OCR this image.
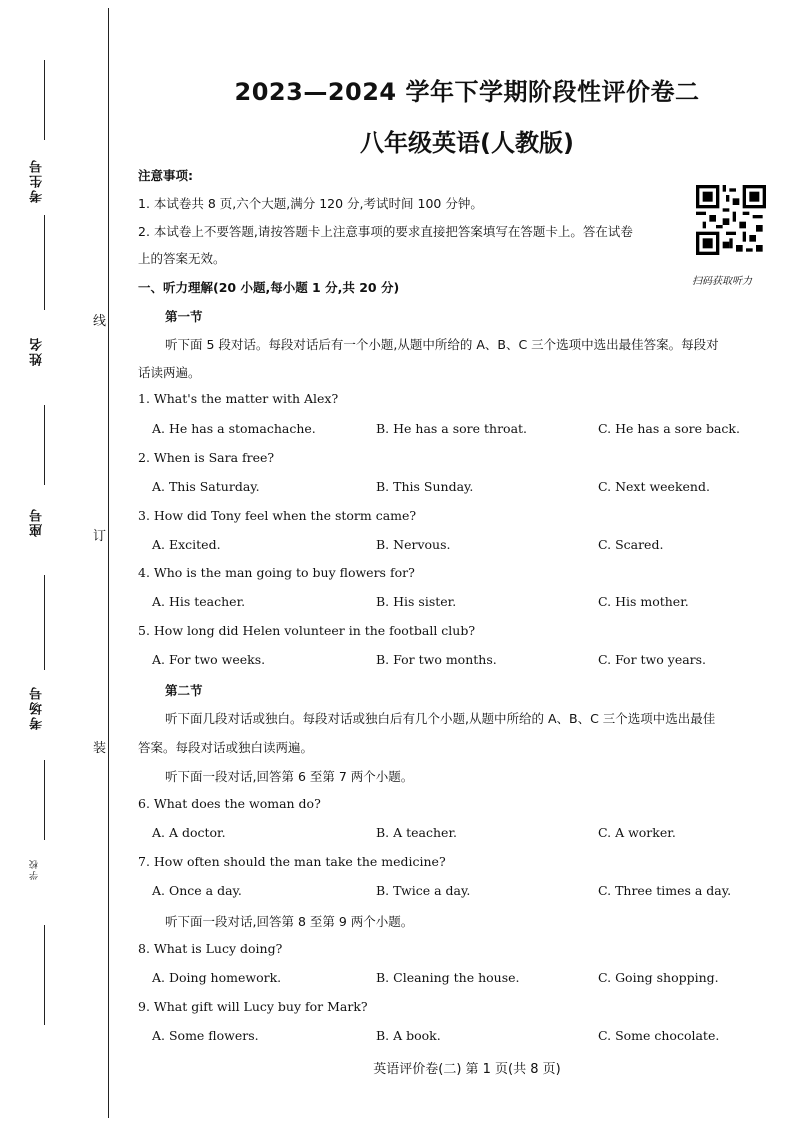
考生号
姓名
座号
考场号
学校
线
订
装
2023—2024 学年下学期阶段性评价卷二
八年级英语(人教版)
注意事项:
1. 本试卷共 8 页,六个大题,满分 120 分,考试时间 100 分钟。
2. 本试卷上不要答题,请按答题卡上注意事项的要求直接把答案填写在答题卡上。答在试卷
上的答案无效。
扫码获取听力
一、听力理解(20 小题,每小题 1 分,共 20 分)
第一节
听下面 5 段对话。每段对话后有一个小题,从题中所给的 A、B、C 三个选项中选出最佳答案。每段对
话读两遍。
1. What's the matter with Alex?
A. He has a stomachache.	B. He has a sore throat.	C. He has a sore back.
2. When is Sara free?
A. This Saturday.	B. This Sunday.	C. Next weekend.
3. How did Tony feel when the storm came?
A. Excited.	B. Nervous.	C. Scared.
4. Who is the man going to buy flowers for?
A. His teacher.	B. His sister.	C. His mother.
5. How long did Helen volunteer in the football club?
A. For two weeks.	B. For two months.	C. For two years.
第二节
听下面几段对话或独白。每段对话或独白后有几个小题,从题中所给的 A、B、C 三个选项中选出最佳
答案。每段对话或独白读两遍。
听下面一段对话,回答第 6 至第 7 两个小题。
6. What does the woman do?
A. A doctor.	B. A teacher.	C. A worker.
7. How often should the man take the medicine?
A. Once a day.	B. Twice a day.	C. Three times a day.
听下面一段对话,回答第 8 至第 9 两个小题。
8. What is Lucy doing?
A. Doing homework.	B. Cleaning the house.	C. Going shopping.
9. What gift will Lucy buy for Mark?
A. Some flowers.	B. A book.	C. Some chocolate.
英语评价卷(二) 第 1 页(共 8 页)
